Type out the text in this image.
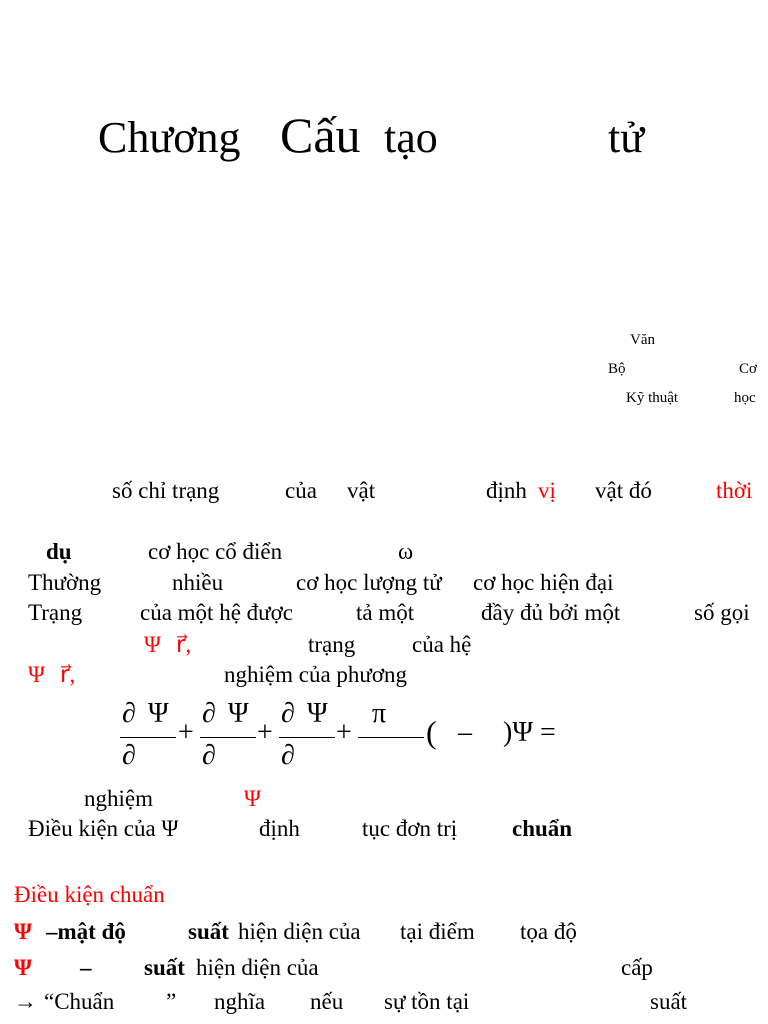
Chương Cấu tạo	tử
Văn
Bộ	Cơ
Kỹ thuật	học
số chỉ trạng	của vật	định vị vật đó	thời
dụ	cơ học cổ điển	ω
Thường	nhiều	cơ học lượng tử cơ học hiện đại
Trạng	của một hệ được	tả một	đầy đủ bởi một	số gọi
Ψ r⃗,	trạng của hệ
Ψ r⃗,	nghiệm của phương
∂ Ψ
∂
+
∂ Ψ
∂
+
∂ Ψ
∂
+
π
( – )Ψ =
nghiệm	Ψ
Điều kiện của Ψ	định	tục đơn trị chuẩn
Điều kiện chuẩn
Ψ –mật độ	suất hiện diện của tại điểm tọa độ
Ψ – suất hiện diện của	cấp
→ “Chuẩn ” nghĩa nếu sự tồn tại	suất
